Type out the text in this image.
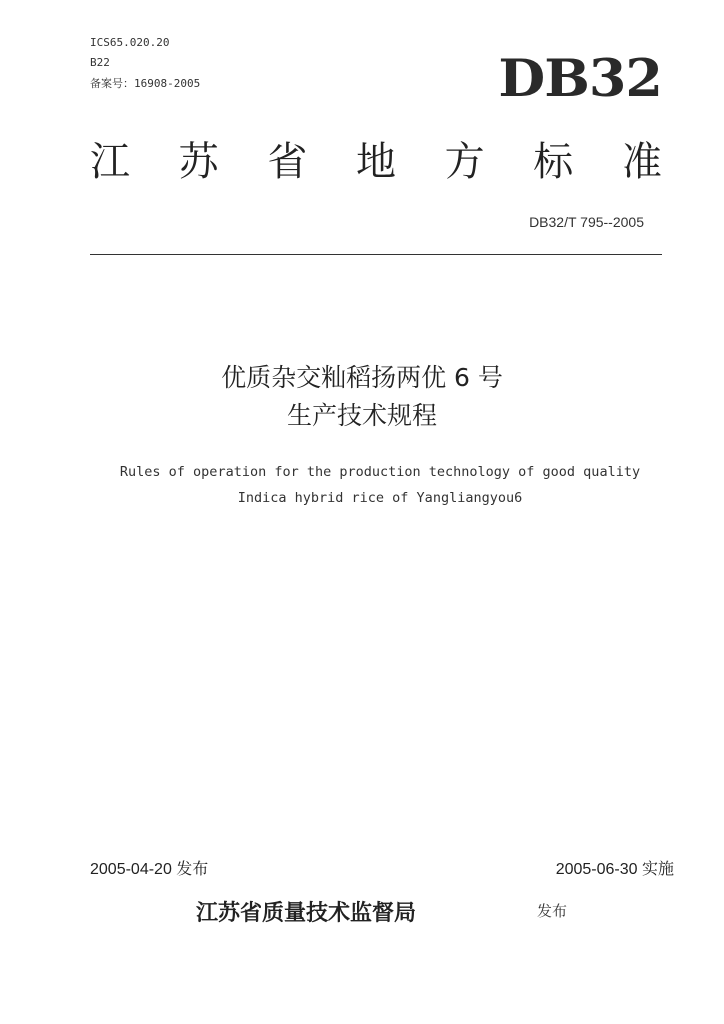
ICS65.020.20
B22
备案号：16908-2005	DB32
江 苏 省 地 方 标 准
DB32/T 795--2005
优质杂交籼稻扬两优 6 号
生产技术规程
Rules of operation for the production technology of good quality
Indica hybrid rice of Yangliangyou6
2005-04-20 发布	2005-06-30 实施
江苏省质量技术监督局	发布
